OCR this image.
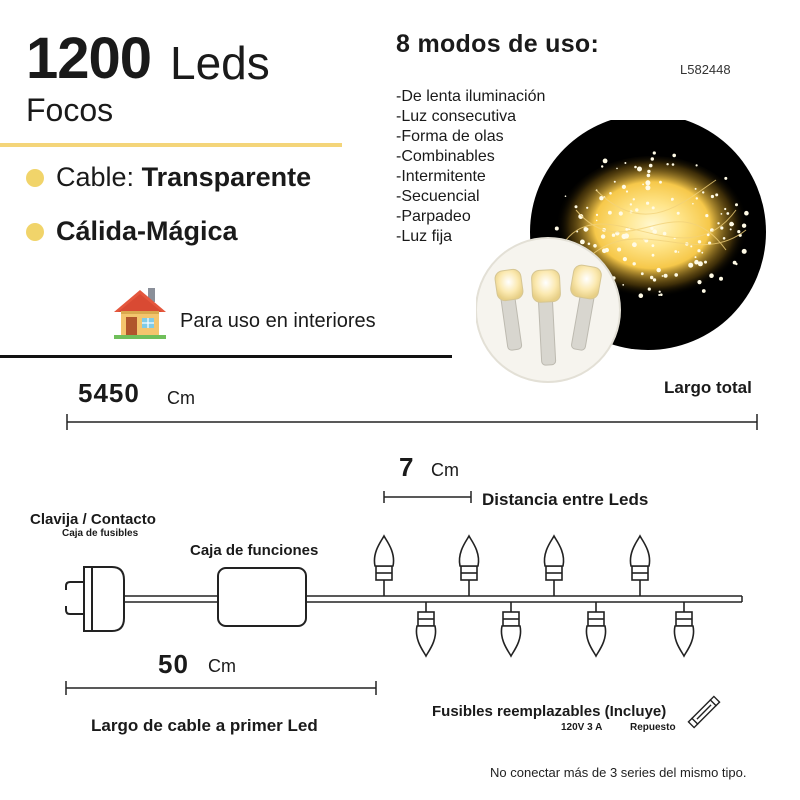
1200 Leds
Focos
Cable:
Transparente
Cálida-Mágica
Para uso en interiores
8 modos de uso:
L582448
-De lenta iluminación
-Luz consecutiva
-Forma de olas
-Combinables
-Intermitente
-Secuencial
-Parpadeo
-Luz fija
5450 Cm
Largo total
7 Cm
Distancia entre Leds
Clavija / Contacto
Caja de fusibles
Caja de funciones
50 Cm
Largo de cable a primer Led
Fusibles reemplazables (Incluye)
120V 3 A	Repuesto
No conectar más de 3 series del mismo tipo.
